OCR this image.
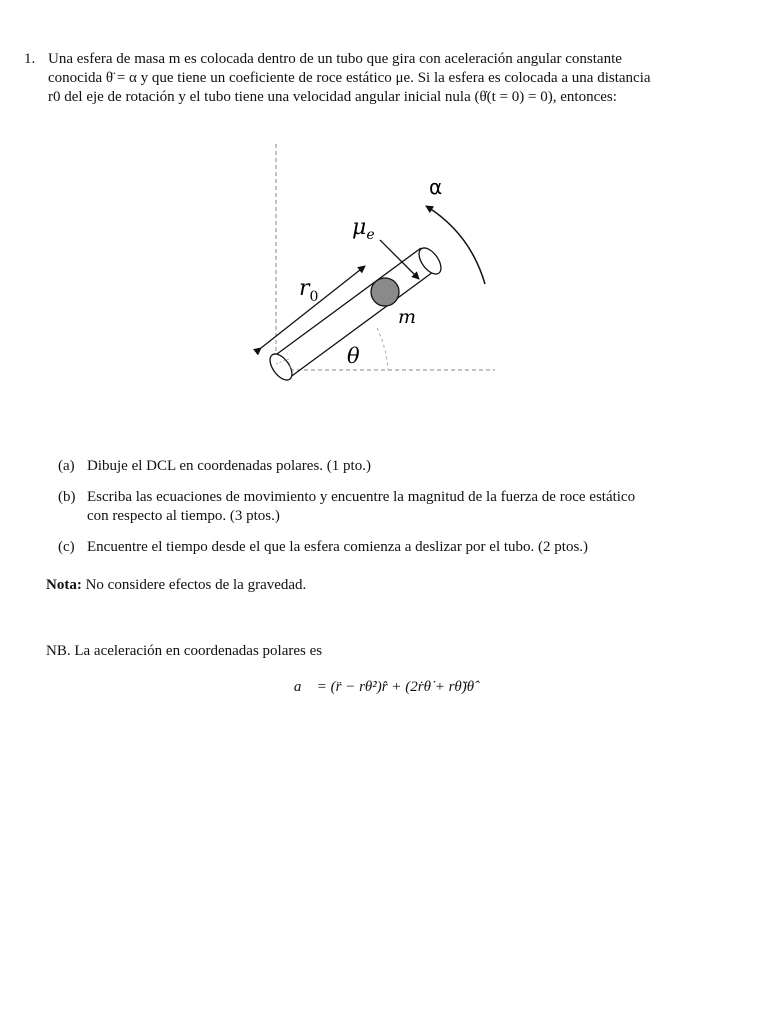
1. Una esfera de masa m es colocada dentro de un tubo que gira con aceleración angular constante
conocida θ̈ = α y que tiene un coeficiente de roce estático μe. Si la esfera es colocada a una distancia
r0 del eje de rotación y el tubo tiene una velocidad angular inicial nula (θ̇(t = 0) = 0), entonces:
α
$\mu_e$
$r_0$
m
θ
(a) Dibuje el DCL en coordenadas polares. (1 pto.)
(b) Escriba las ecuaciones de movimiento y encuentre la magnitud de la fuerza de roce estático
con respecto al tiempo. (3 ptos.)
(c) Encuentre el tiempo desde el que la esfera comienza a deslizar por el tubo. (2 ptos.)
Nota: No considere efectos de la gravedad.
NB. La aceleración en coordenadas polares es
a⃗ = (r̈ − rθ̇²)r̂ + (2ṙθ̇ + rθ̈)θ̂
